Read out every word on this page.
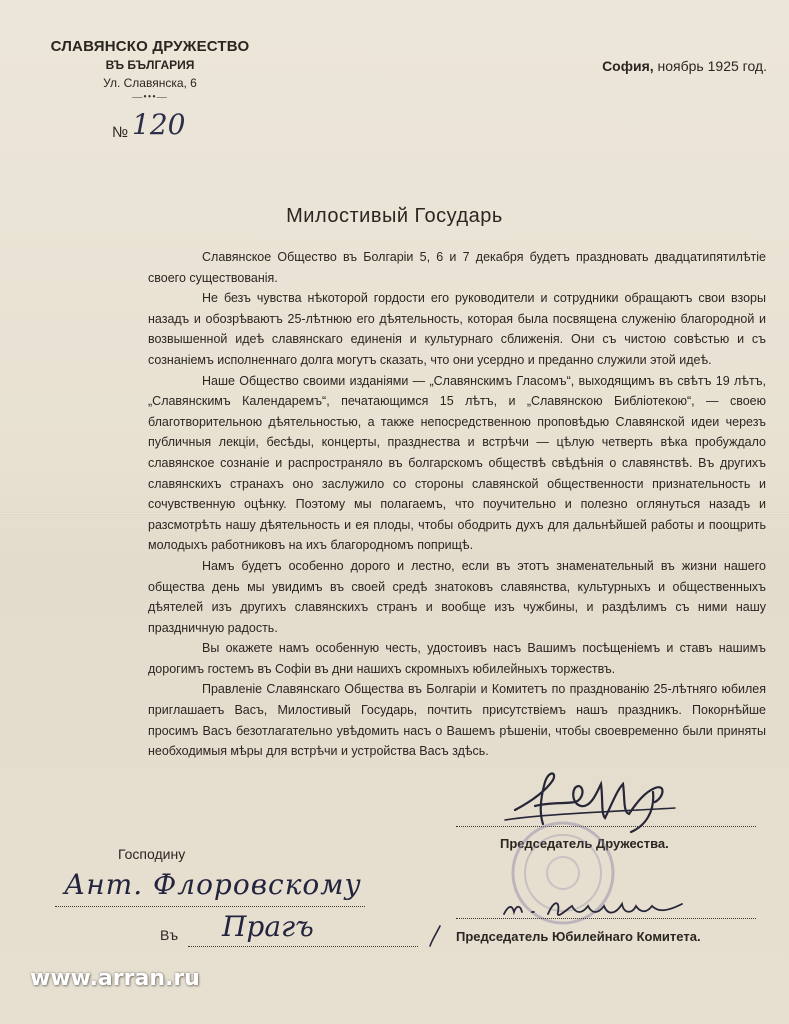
СЛАВЯНСКО ДРУЖЕСТВО
ВЪ БЪЛГАРИЯ
Ул. Славянска, 6
—•••—
София, ноябрь 1925 год.
№ 120
Милостивый Государь

Славянское Общество въ Болгаріи 5, 6 и 7 декабря будетъ праздновать двадцатипятилѣтіе своего существованія.

Не безъ чувства нѣкоторой гордости его руководители и сотрудники обращаютъ свои взоры назадъ и обозрѣваютъ 25-лѣтнюю его дѣятельность, которая была посвящена служенію благородной и возвышенной идеѣ славянскаго единенія и культурнаго сближенія. Они съ чистою совѣстью и съ сознаніемъ исполненнаго долга могутъ сказать, что они усердно и преданно служили этой идеѣ.

Наше Общество своими изданіями — „Славянскимъ Гласомъ“, выходящимъ въ свѣтъ 19 лѣтъ, „Славянскимъ Календаремъ“, печатающимся 15 лѣтъ, и „Славянскою Библіотекою“, — своею благотворительною дѣятельностью, а также непосредственною проповѣдью Славянской идеи черезъ публичныя лекціи, бесѣды, концерты, празднества и встрѣчи — цѣлую четверть вѣка пробуждало славянское сознаніе и распространяло въ болгарскомъ обществѣ свѣдѣнія о славянствѣ. Въ другихъ славянскихъ странахъ оно заслужило со стороны славянской общественности признательность и сочувственную оцѣнку. Поэтому мы полагаемъ, что поучительно и полезно оглянуться назадъ и разсмотрѣть нашу дѣятельность и ея плоды, чтобы ободрить духъ для дальнѣйшей работы и поощрить молодыхъ работниковъ на ихъ благородномъ поприщѣ.

Намъ будетъ особенно дорого и лестно, если въ этотъ знаменательный въ жизни нашего общества день мы увидимъ въ своей средѣ знатоковъ славянства, культурныхъ и общественныхъ дѣятелей изъ другихъ славянскихъ странъ и вообще изъ чужбины, и раздѣлимъ съ ними нашу праздничную радость.

Вы окажете намъ особенную честь, удостоивъ насъ Вашимъ посѣщеніемъ и ставъ нашимъ дорогимъ гостемъ въ Софіи въ дни нашихъ скромныхъ юбилейныхъ торжествъ.

Правленіе Славянскаго Общества въ Болгаріи и Комитетъ по празднованію 25-лѣтняго юбилея приглашаетъ Васъ, Милостивый Государь, почтить присутствіемъ нашъ праздникъ. Покорнѣйше просимъ Васъ безотлагательно увѣдомить насъ о Вашемъ рѣшеніи, чтобы своевременно были приняты необходимыя мѣры для встрѣчи и устройства Васъ здѣсь.

Председатель Дружества.
Председатель Юбилейнаго Комитета.
Господину
Ант. Флоровскому
Въ Прагъ
www.arran.ru
